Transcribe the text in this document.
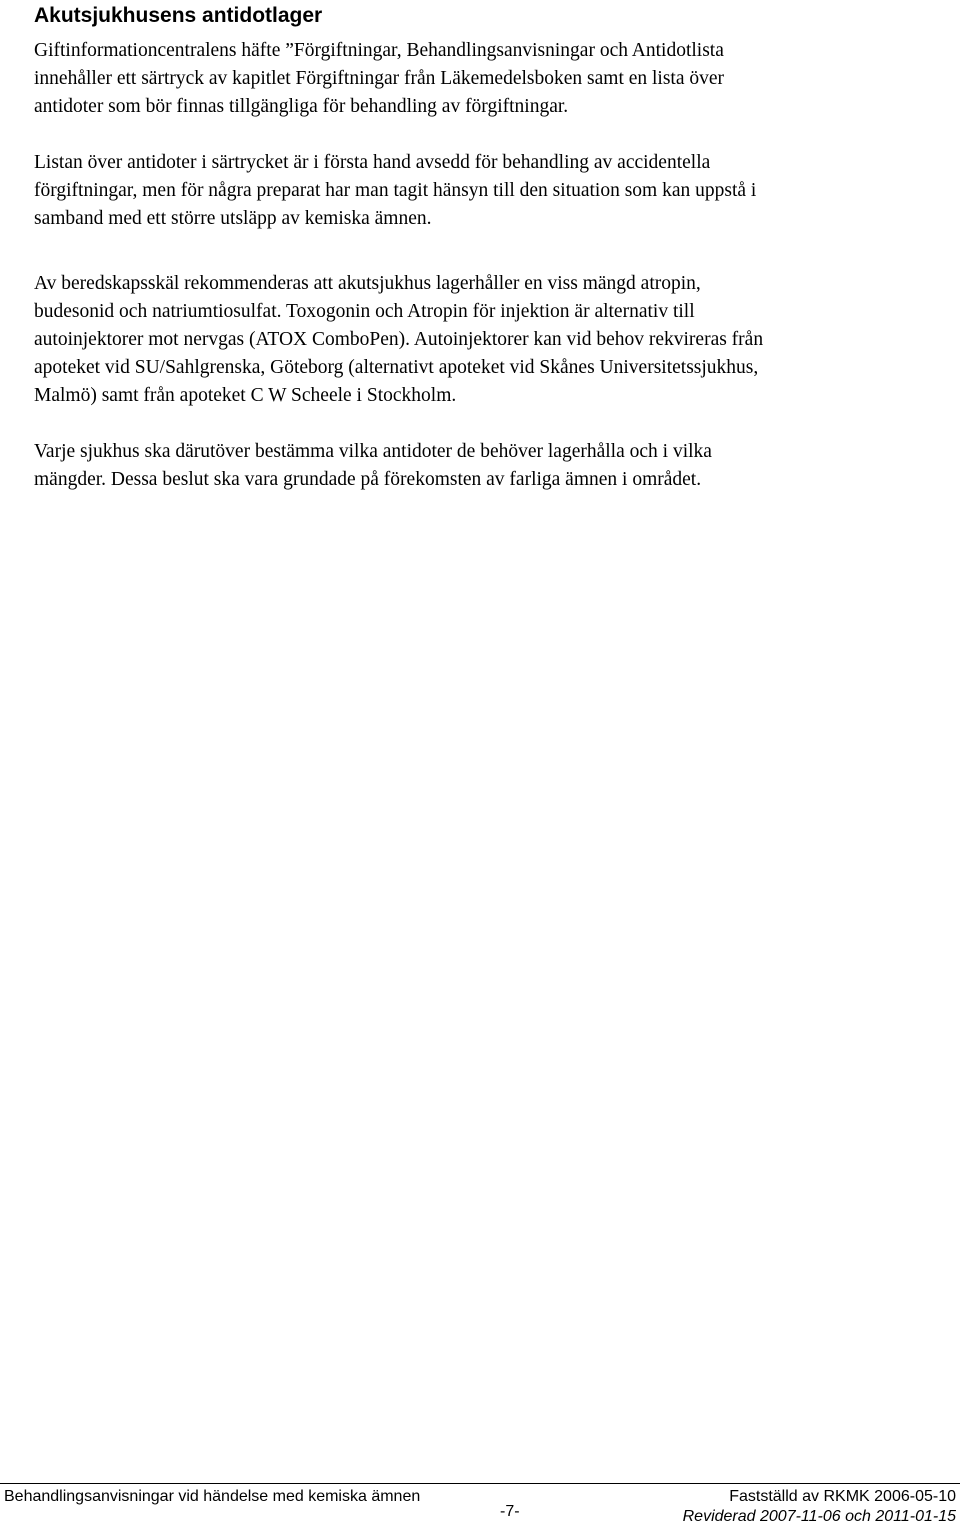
Akutsjukhusens antidotlager

Giftinformationcentralens häfte ”Förgiftningar, Behandlingsanvisningar och Antidotlista
innehåller ett särtryck av kapitlet Förgiftningar från Läkemedelsboken samt en lista över
antidoter som bör finnas tillgängliga för behandling av förgiftningar.

Listan över antidoter i särtrycket är i första hand avsedd för behandling av accidentella
förgiftningar, men för några preparat har man tagit hänsyn till den situation som kan uppstå i
samband med ett större utsläpp av kemiska ämnen.

Av beredskapsskäl rekommenderas att akutsjukhus lagerhåller en viss mängd atropin,
budesonid och natriumtiosulfat. Toxogonin och Atropin för injektion är alternativ till
autoinjektorer mot nervgas (ATOX ComboPen). Autoinjektorer kan vid behov rekvireras från
apoteket vid SU/Sahlgrenska, Göteborg (alternativt apoteket vid Skånes Universitetssjukhus,
Malmö) samt från apoteket C W Scheele i Stockholm.

Varje sjukhus ska därutöver bestämma vilka antidoter de behöver lagerhålla och i vilka
mängder. Dessa beslut ska vara grundade på förekomsten av farliga ämnen i området.

Behandlingsanvisningar vid händelse med kemiska ämnen
-7-
Fastställd av RKMK 2006-05-10
Reviderad 2007-11-06 och 2011-01-15
